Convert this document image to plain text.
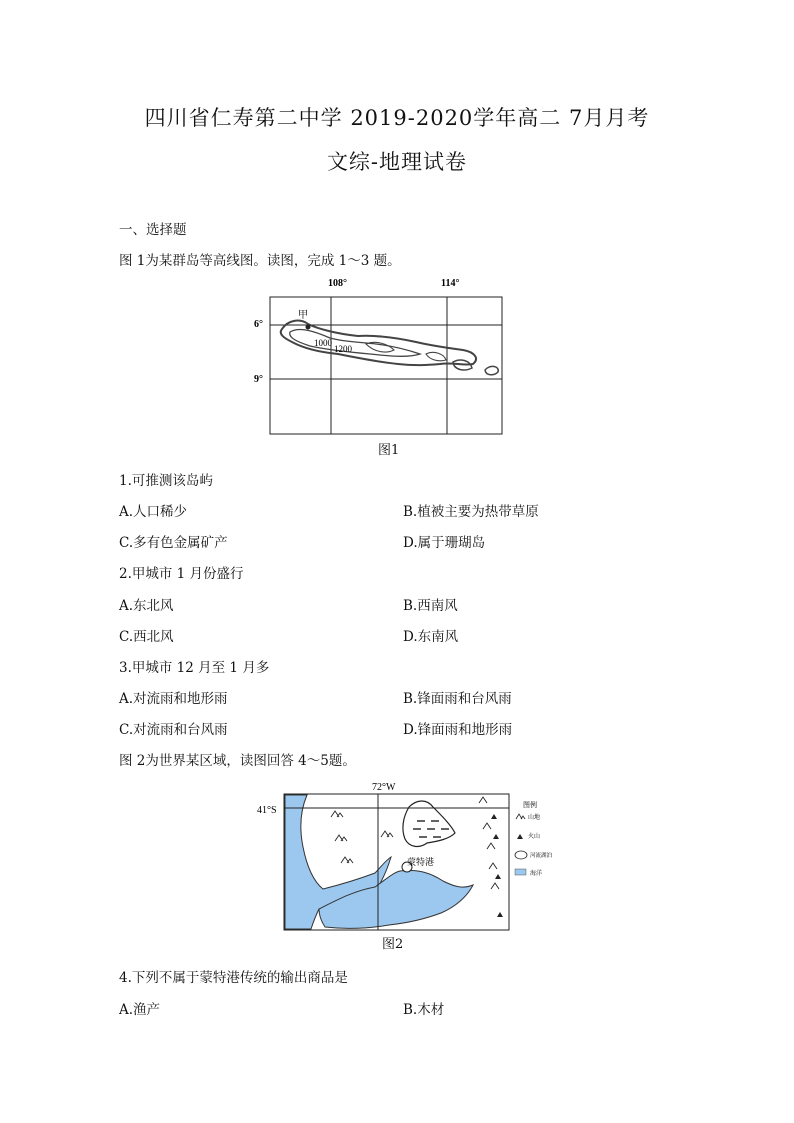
四川省仁寿第二中学 2019-2020学年高二 7月月考
文综-地理试卷
一、选择题
图 1为某群岛等高线图。读图，完成 1～3 题。
108°	114°
6°
9°
甲
1000
1200
图1
1.可推测该岛屿
A.人口稀少	B.植被主要为热带草原
C.多有色金属矿产	D.属于珊瑚岛
2.甲城市 1 月份盛行
A.东北风	B.西南风
C.西北风	D.东南风
3.甲城市 12 月至 1 月多
A.对流雨和地形雨	B.锋面雨和台风雨
C.对流雨和台风雨	D.锋面雨和地形雨
图 2为世界某区域，读图回答 4～5题。
72°W
41°S
蒙特港
图例
山地
火山
河流湖泊
海洋
图2
4.下列不属于蒙特港传统的输出商品是
A.渔产	B.木材
